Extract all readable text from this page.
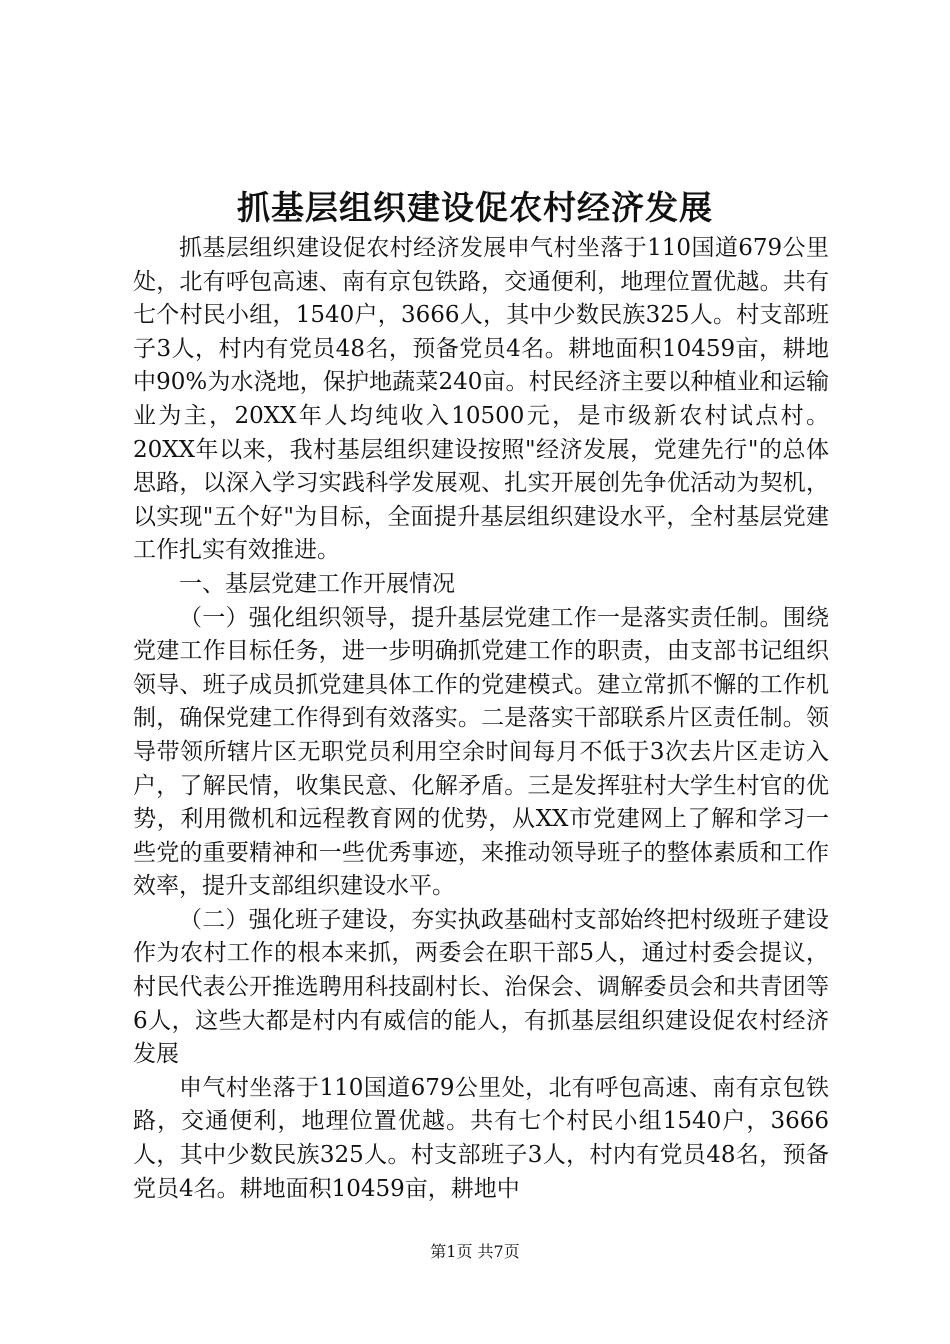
抓基层组织建设促农村经济发展

抓基层组织建设促农村经济发展申气村坐落于110国道679公里处，北有呼包高速、南有京包铁路，交通便利，地理位置优越。共有七个村民小组，1540户，3666人，其中少数民族325人。村支部班子3人，村内有党员48名，预备党员4名。耕地面积10459亩，耕地中90%为水浇地，保护地蔬菜240亩。村民经济主要以种植业和运输业为主，20XX年人均纯收入10500元，是市级新农村试点村。20XX年以来，我村基层组织建设按照"经济发展，党建先行"的总体思路，以深入学习实践科学发展观、扎实开展创先争优活动为契机，以实现"五个好"为目标，全面提升基层组织建设水平，全村基层党建工作扎实有效推进。

一、基层党建工作开展情况

（一）强化组织领导，提升基层党建工作一是落实责任制。围绕党建工作目标任务，进一步明确抓党建工作的职责，由支部书记组织领导、班子成员抓党建具体工作的党建模式。建立常抓不懈的工作机制，确保党建工作得到有效落实。二是落实干部联系片区责任制。领导带领所辖片区无职党员利用空余时间每月不低于3次去片区走访入户，了解民情，收集民意、化解矛盾。三是发挥驻村大学生村官的优势，利用微机和远程教育网的优势，从XX市党建网上了解和学习一些党的重要精神和一些优秀事迹，来推动领导班子的整体素质和工作效率，提升支部组织建设水平。

（二）强化班子建设，夯实执政基础村支部始终把村级班子建设作为农村工作的根本来抓，两委会在职干部5人，通过村委会提议，村民代表公开推选聘用科技副村长、治保会、调解委员会和共青团等6人，这些大都是村内有威信的能人，有抓基层组织建设促农村经济发展

申气村坐落于110国道679公里处，北有呼包高速、南有京包铁路，交通便利，地理位置优越。共有七个村民小组1540户，3666人，其中少数民族325人。村支部班子3人，村内有党员48名，预备党员4名。耕地面积10459亩，耕地中

第1页 共7页
